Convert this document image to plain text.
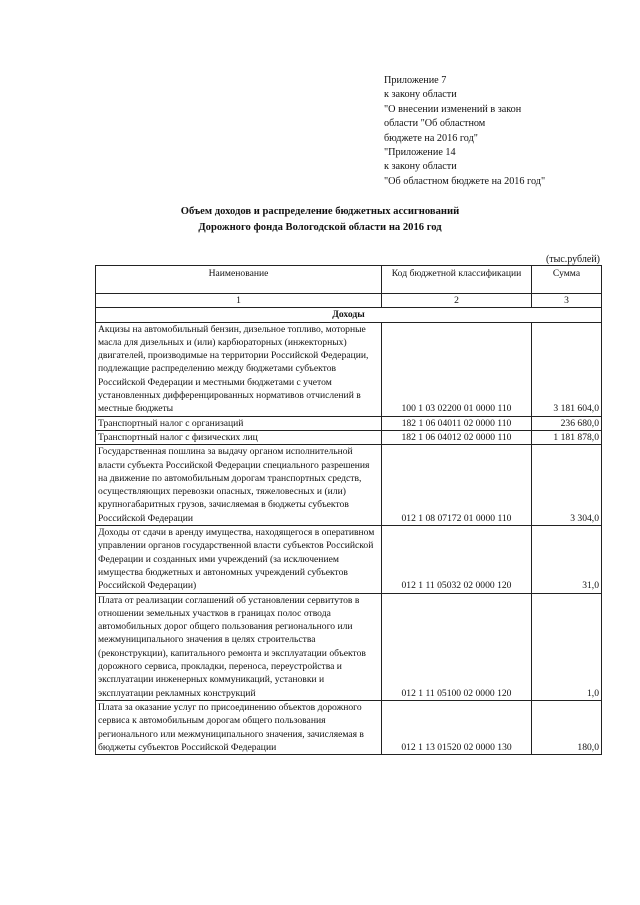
Приложение 7
к закону области
"О внесении изменений в закон
области "Об областном
бюджете на 2016 год"
"Приложение 14
к закону области
"Об областном бюджете на 2016 год"
Объем доходов и распределение бюджетных ассигнований
Дорожного фонда Вологодской области на 2016 год
(тыс.рублей)
Наименование	Код бюджетной классификации	Сумма
1	2	3
Доходы		
Акцизы на автомобильный бензин, дизельное топливо, моторные масла для дизельных и (или) карбюраторных (инжекторных) двигателей, производимые на территории Российской Федерации, подлежащие распределению между бюджетами субъектов Российской Федерации и местными бюджетами с учетом установленных дифференцированных нормативов отчислений в местные бюджеты	100 1 03 02200 01 0000 110	3 181 604,0
Транспортный налог с организаций	182 1 06 04011 02 0000 110	236 680,0
Транспортный налог с физических лиц	182 1 06 04012 02 0000 110	1 181 878,0
Государственная пошлина за выдачу органом исполнительной власти субъекта Российской Федерации специального разрешения на движение по автомобильным дорогам транспортных средств, осуществляющих перевозки опасных, тяжеловесных и (или) крупногабаритных грузов, зачисляемая в бюджеты субъектов Российской Федерации	012 1 08 07172 01 0000 110	3 304,0
Доходы от сдачи в аренду имущества, находящегося в оперативном управлении органов государственной власти субъектов Российской Федерации и созданных ими учреждений (за исключением имущества бюджетных и автономных учреждений субъектов Российской Федерации)	012 1 11 05032 02 0000 120	31,0
Плата от реализации соглашений об установлении сервитутов в отношении земельных участков в границах полос отвода автомобильных дорог общего пользования регионального или межмуниципального значения в целях строительства (реконструкции), капитального ремонта и эксплуатации объектов дорожного сервиса, прокладки, переноса, переустройства и эксплуатации инженерных коммуникаций, установки и эксплуатации рекламных конструкций	012 1 11 05100 02 0000 120	1,0
Плата за оказание услуг по присоединению объектов дорожного сервиса к автомобильным дорогам общего пользования регионального или межмуниципального значения, зачисляемая в бюджеты субъектов Российской Федерации	012 1 13 01520 02 0000 130	180,0
